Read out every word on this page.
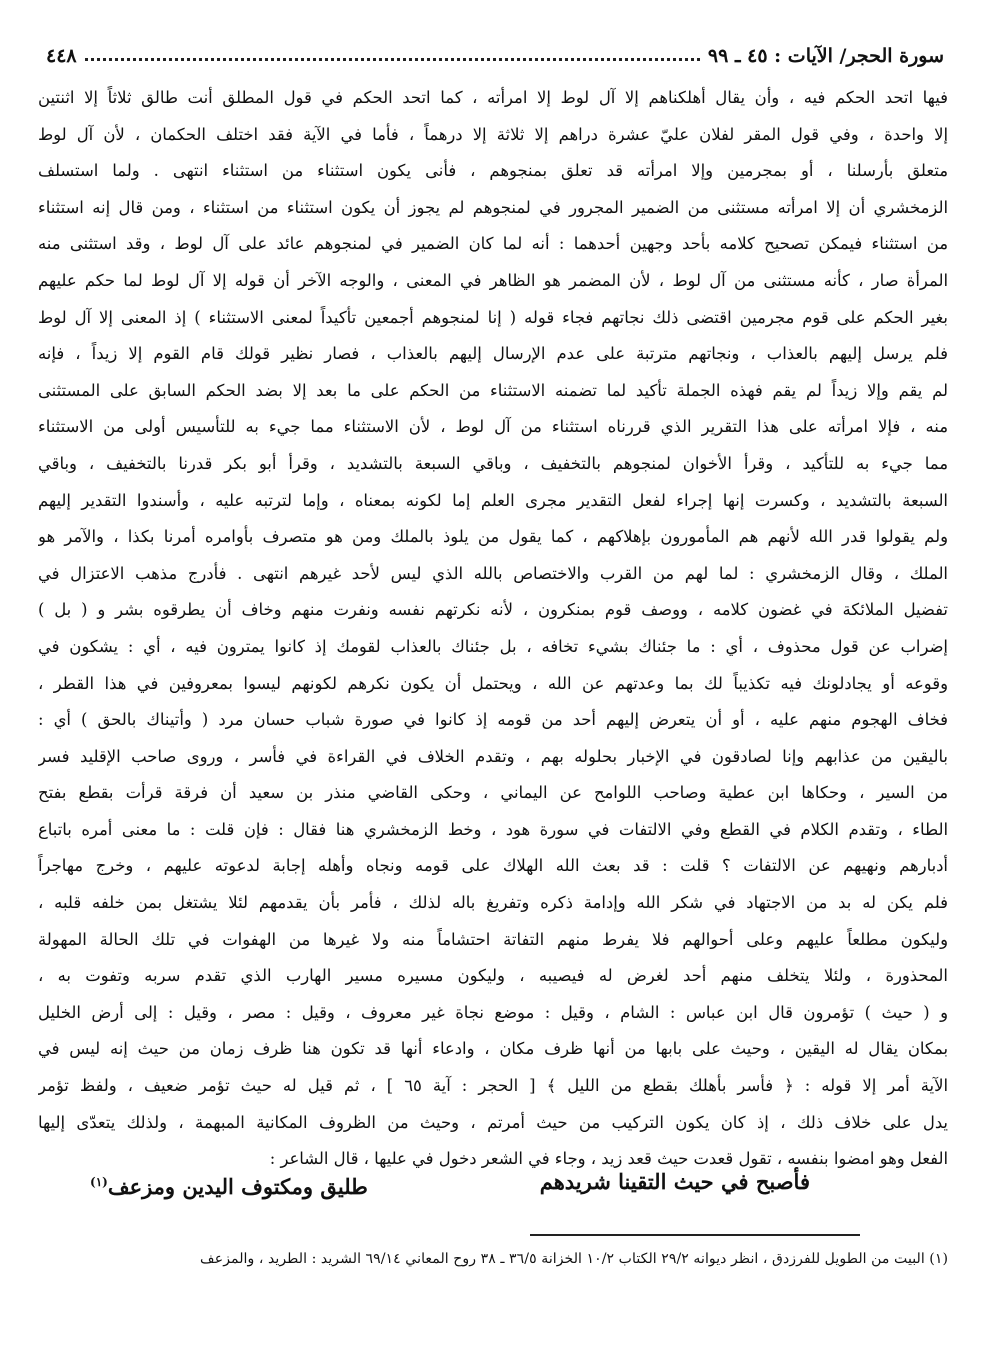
سورة الحجر/ الآيات : ٤٥ ـ ٩٩
٤٤٨
فيها اتحد الحكم فيه ، وأن يقال أهلكناهم إلا آل لوط إلا امرأته ، كما اتحد الحكم في قول المطلق أنت طالق ثلاثاً إلا اثنتين
إلا واحدة ، وفي قول المقر لفلان عليّ عشرة دراهم إلا ثلاثة إلا درهماً ، فأما في الآية فقد اختلف الحكمان ، لأن آل لوط
متعلق بأرسلنا ، أو بمجرمين وإلا امرأته قد تعلق بمنجوهم ، فأنى يكون استثناء من استثناء انتهى . ولما استسلف
الزمخشري أن إلا امرأته مستثنى من الضمير المجرور في لمنجوهم لم يجوز أن يكون استثناء من استثناء ، ومن قال إنه استثناء
من استثناء فيمكن تصحيح كلامه بأحد وجهين أحدهما : أنه لما كان الضمير في لمنجوهم عائد على آل لوط ، وقد استثنى منه
المرأة صار ، كأنه مستثنى من آل لوط ، لأن المضمر هو الظاهر في المعنى ، والوجه الآخر أن قوله إلا آل لوط لما حكم عليهم
بغير الحكم على قوم مجرمين اقتضى ذلك نجاتهم فجاء قوله ( إنا لمنجوهم أجمعين تأكيداً لمعنى الاستثناء ) إذ المعنى إلا آل لوط
فلم يرسل إليهم بالعذاب ، ونجاتهم مترتبة على عدم الإرسال إليهم بالعذاب ، فصار نظير قولك قام القوم إلا زيداً ، فإنه
لم يقم وإلا زيداً لم يقم فهذه الجملة تأكيد لما تضمنه الاستثناء من الحكم على ما بعد إلا بضد الحكم السابق على المستثنى
منه ، فإلا امرأته على هذا التقرير الذي قررناه استثناء من آل لوط ، لأن الاستثناء مما جيء به للتأسيس أولى من الاستثناء
مما جيء به للتأكيد ، وقرأ الأخوان لمنجوهم بالتخفيف ، وباقي السبعة بالتشديد ، وقرأ أبو بكر قدرنا بالتخفيف ، وباقي
السبعة بالتشديد ، وكسرت إنها إجراء لفعل التقدير مجرى العلم إما لكونه بمعناه ، وإما لترتبه عليه ، وأسندوا التقدير إليهم
ولم يقولوا قدر الله لأنهم هم المأمورون بإهلاكهم ، كما يقول من يلوذ بالملك ومن هو متصرف بأوامره أمرنا بكذا ، والآمر هو
الملك ، وقال الزمخشري : لما لهم من القرب والاختصاص بالله الذي ليس لأحد غيرهم انتهى . فأدرج مذهب الاعتزال في
تفضيل الملائكة في غضون كلامه ، ووصف قوم بمنكرون ، لأنه نكرتهم نفسه ونفرت منهم وخاف أن يطرقوه بشر و ( بل )
إضراب عن قول محذوف ، أي : ما جئناك بشيء تخافه ، بل جئناك بالعذاب لقومك إذ كانوا يمترون فيه ، أي : يشكون في
وقوعه أو يجادلونك فيه تكذيباً لك بما وعدتهم عن الله ، ويحتمل أن يكون نكرهم لكونهم ليسوا بمعروفين في هذا القطر ،
فخاف الهجوم منهم عليه ، أو أن يتعرض إليهم أحد من قومه إذ كانوا في صورة شباب حسان مرد ( وأتيناك بالحق ) أي :
باليقين من عذابهم وإنا لصادقون في الإخبار بحلوله بهم ، وتقدم الخلاف في القراءة في فأسر ، وروى صاحب الإقليد فسر
من السير ، وحكاها ابن عطية وصاحب اللوامح عن اليماني ، وحكى القاضي منذر بن سعيد أن فرقة قرأت بقطع بفتح
الطاء ، وتقدم الكلام في القطع وفي الالتفات في سورة هود ، وخط الزمخشري هنا فقال : فإن قلت : ما معنى أمره باتباع
أدبارهم ونهيهم عن الالتفات ؟ قلت : قد بعث الله الهلاك على قومه ونجاه وأهله إجابة لدعوته عليهم ، وخرج مهاجراً
فلم يكن له بد من الاجتهاد في شكر الله وإدامة ذكره وتفريغ باله لذلك ، فأمر بأن يقدمهم لئلا يشتغل بمن خلفه قلبه ،
وليكون مطلعاً عليهم وعلى أحوالهم فلا يفرط منهم التفاتة احتشاماً منه ولا غيرها من الهفوات في تلك الحالة المهولة
المحذورة ، ولئلا يتخلف منهم أحد لغرض له فيصيبه ، وليكون مسيره مسير الهارب الذي تقدم سربه وتفوت به ،
و ( حيث ) تؤمرون قال ابن عباس : الشام ، وقيل : موضع نجاة غير معروف ، وقيل : مصر ، وقيل : إلى أرض الخليل
بمكان يقال له اليقين ، وحيث على بابها من أنها ظرف مكان ، وادعاء أنها قد تكون هنا ظرف زمان من حيث إنه ليس في
الآية أمر إلا قوله : ﴿ فأسر بأهلك بقطع من الليل ﴾ [ الحجر : آية ٦٥ ] ، ثم قيل له حيث تؤمر ضعيف ، ولفظ تؤمر
يدل على خلاف ذلك ، إذ كان يكون التركيب من حيث أمرتم ، وحيث من الظروف المكانية المبهمة ، ولذلك يتعدّى إليها
الفعل وهو امضوا بنفسه ، تقول قعدت حيث قعد زيد ، وجاء في الشعر دخول في عليها ، قال الشاعر :
فأصبح في حيث التقينا شريدهم
طليق ومكتوف اليدين ومزعف$^{(١)}$
(١) البيت من الطويل للفرزدق ، انظر ديوانه ٢٩/٢ الكتاب ١٠/٢ الخزانة ٣٦/٥ ـ ٣٨ روح المعاني ٦٩/١٤ الشريد : الطريد ، والمزعف
